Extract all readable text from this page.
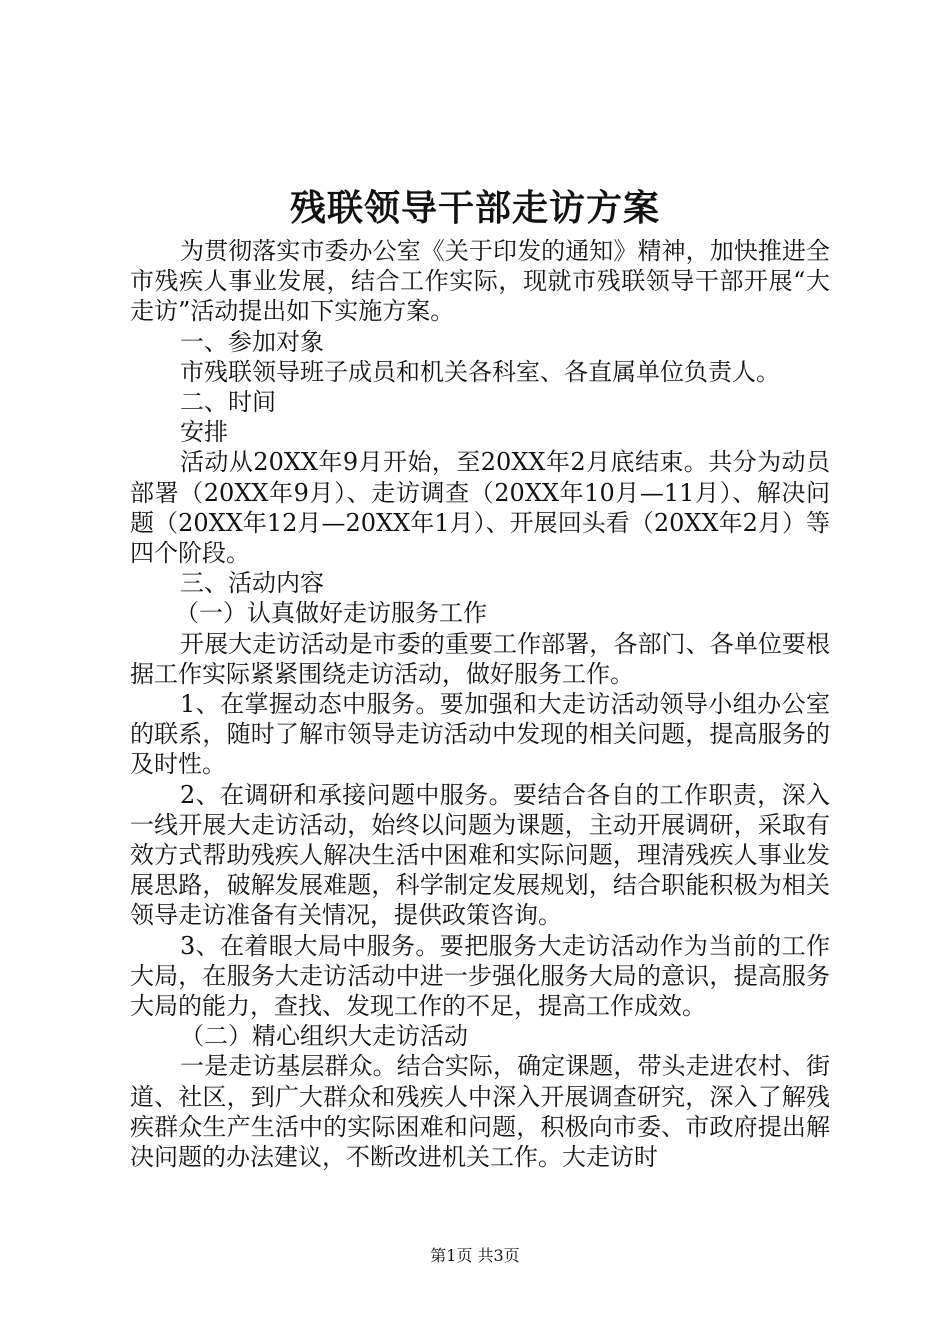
残联领导干部走访方案

为贯彻落实市委办公室《关于印发的通知》精神，加快推进全市残疾人事业发展，结合工作实际，现就市残联领导干部开展“大走访”活动提出如下实施方案。

一、参加对象

市残联领导班子成员和机关各科室、各直属单位负责人。

二、时间

安排

活动从20XX年9月开始，至20XX年2月底结束。共分为动员部署（20XX年9月）、走访调查（20XX年10月—11月）、解决问题（20XX年12月—20XX年1月）、开展回头看（20XX年2月）等四个阶段。

三、活动内容

（一）认真做好走访服务工作

开展大走访活动是市委的重要工作部署，各部门、各单位要根据工作实际紧紧围绕走访活动，做好服务工作。

1、在掌握动态中服务。要加强和大走访活动领导小组办公室的联系，随时了解市领导走访活动中发现的相关问题，提高服务的及时性。

2、在调研和承接问题中服务。要结合各自的工作职责，深入一线开展大走访活动，始终以问题为课题，主动开展调研，采取有效方式帮助残疾人解决生活中困难和实际问题，理清残疾人事业发展思路，破解发展难题，科学制定发展规划，结合职能积极为相关领导走访准备有关情况，提供政策咨询。

3、在着眼大局中服务。要把服务大走访活动作为当前的工作大局，在服务大走访活动中进一步强化服务大局的意识，提高服务大局的能力，查找、发现工作的不足，提高工作成效。

（二）精心组织大走访活动

一是走访基层群众。结合实际，确定课题，带头走进农村、街道、社区，到广大群众和残疾人中深入开展调查研究，深入了解残疾群众生产生活中的实际困难和问题，积极向市委、市政府提出解决问题的办法建议，不断改进机关工作。大走访时

第1页 共3页
